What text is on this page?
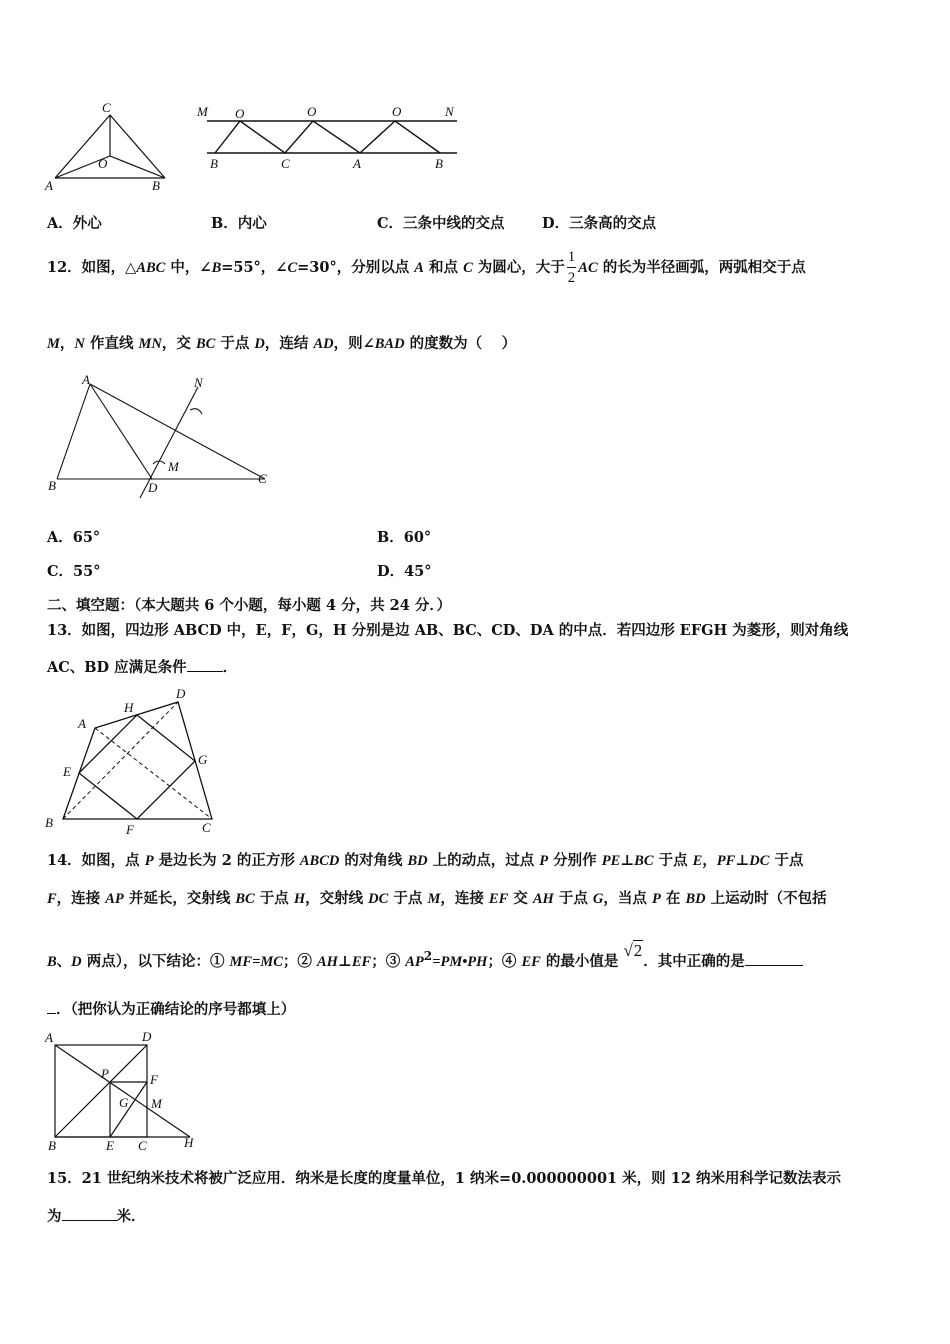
C
O
A	B
M O	O	O	N
B	C	A	B
A．外心	B．内心	C．三条中线的交点	D．三条高的交点
12．如图，△ABC 中，∠B=55°，∠C=30°，分别以点 A 和点 C 为圆心，大于 $\frac{1}{2}$ AC 的长为半径画弧，两弧相交于点
M，N 作直线 MN，交 BC 于点 D，连结 AD，则∠BAD 的度数为（　 ）
A	N
M
B	D
C
A．65°	B．60°
C．55°	D．45°
二、填空题：（本大题共 6 个小题，每小题 4 分，共 24 分．）
13．如图，四边形 ABCD 中，E，F，G，H 分别是边 AB、BC、CD、DA 的中点．若四边形 EFGH 为菱形，则对角线
AC、BD 应满足条件 ．
D
A
H
G
E
B	F	C
14．如图，点 P 是边长为 2 的正方形 ABCD 的对角线 BD 上的动点，过点 P 分别作 PE⊥BC 于点 E，PF⊥DC 于点
F，连接 AP 并延长，交射线 BC 于点 H，交射线 DC 于点 M，连接 EF 交 AH 于点 G，当点 P 在 BD 上运动时（不包括
B、D 两点），以下结论：① MF=MC；② AH⊥EF；③ $AP^2=PM•PH$；④ EF 的最小值是 √2．其中正确的是
．（把你认为正确结论的序号都填上）
A	D
P	F
G M
B	E C	H
15．21 世纪纳米技术将被广泛应用．纳米是长度的度量单位，1 纳米=0.000000001 米，则 12 纳米用科学记数法表示
为	米．
